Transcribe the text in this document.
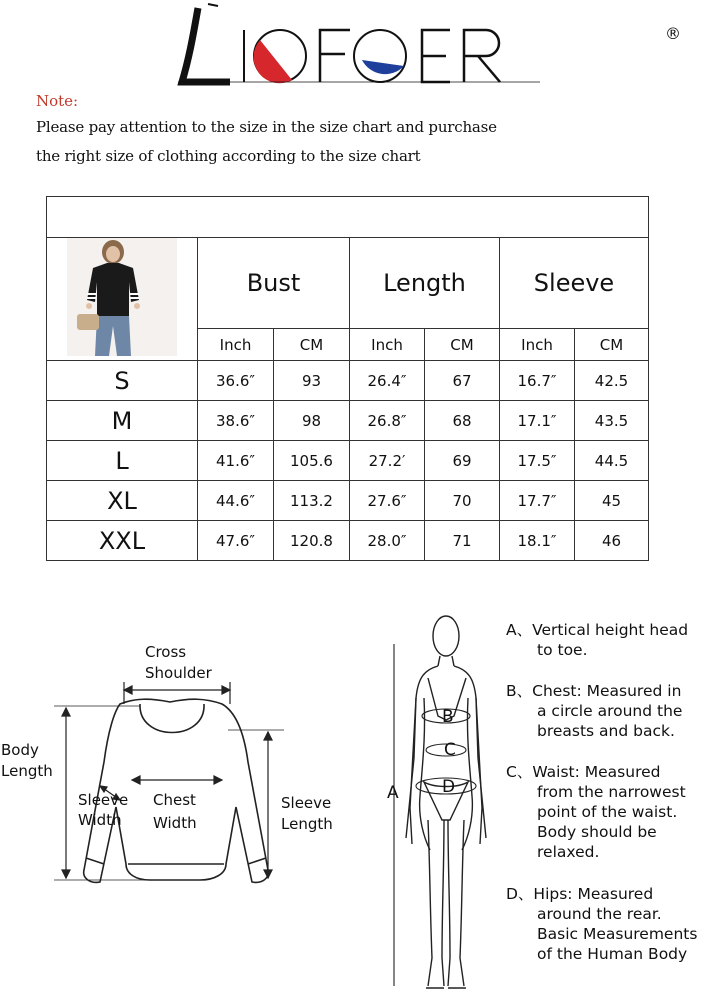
®
Note:
Please pay attention to the size in the size chart and purchase
the right size of clothing according to the size chart

	Bust		Length		Sleeve	
	Inch	CM	Inch	CM	Inch	CM
S	36.6″	93	26.4″	67	16.7″	42.5
M	38.6″	98	26.8″	68	17.1″	43.5
L	41.6″	105.6	27.2′	69	17.5″	44.5
XL	44.6″	113.2	27.6″	70	17.7″	45
XXL	47.6″	120.8	28.0″	71	18.1″	46
Cross
Shoulder
Body
Length
Sleeve
Width
Chest
Width
Sleeve
Length
A
B
C
D
A、Vertical height head
to toe.
B、Chest: Measured in
a circle around the
breasts and back.
C、Waist: Measured
from the narrowest
point of the waist.
Body should be
relaxed.
D、Hips: Measured
around the rear.
Basic Measurements
of the Human Body
